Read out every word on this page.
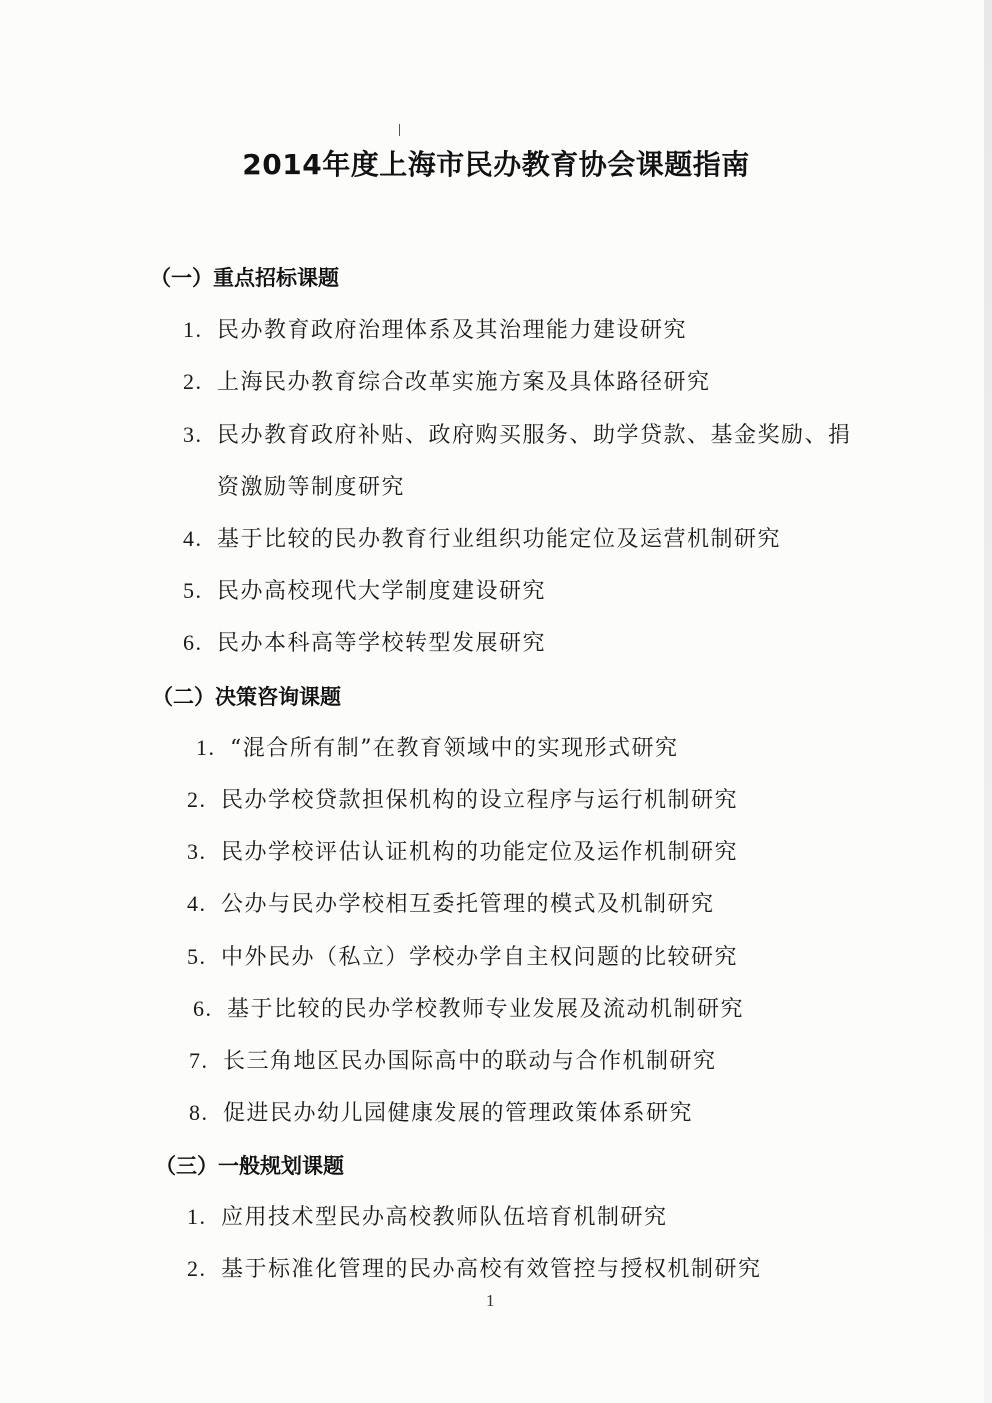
2014年度上海市民办教育协会课题指南
（一）重点招标课题
1. 民办教育政府治理体系及其治理能力建设研究
2. 上海民办教育综合改革实施方案及具体路径研究
3. 民办教育政府补贴、政府购买服务、助学贷款、基金奖励、捐
资激励等制度研究
4. 基于比较的民办教育行业组织功能定位及运营机制研究
5. 民办高校现代大学制度建设研究
6. 民办本科高等学校转型发展研究
（二）决策咨询课题
1. “混合所有制”在教育领域中的实现形式研究
2. 民办学校贷款担保机构的设立程序与运行机制研究
3. 民办学校评估认证机构的功能定位及运作机制研究
4. 公办与民办学校相互委托管理的模式及机制研究
5. 中外民办（私立）学校办学自主权问题的比较研究
6. 基于比较的民办学校教师专业发展及流动机制研究
7. 长三角地区民办国际高中的联动与合作机制研究
8. 促进民办幼儿园健康发展的管理政策体系研究
（三）一般规划课题
1. 应用技术型民办高校教师队伍培育机制研究
2. 基于标准化管理的民办高校有效管控与授权机制研究
1
